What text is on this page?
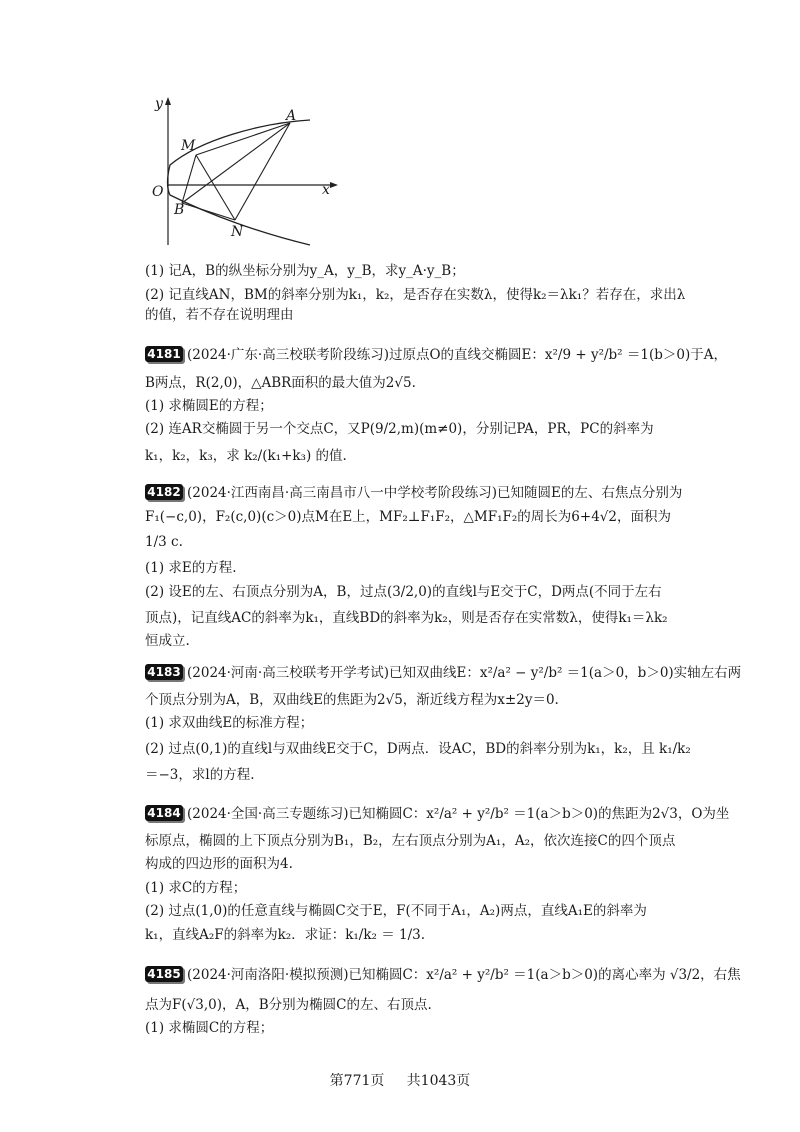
y
x
O
A
M
B
N
(1) 记A，B的纵坐标分别为y_A，y_B，求y_A·y_B；
(2) 记直线AN，BM的斜率分别为k₁，k₂，是否存在实数λ，使得k₂＝λk₁？若存在，求出λ
的值，若不存在说明理由
4181 (2024·广东·高三校联考阶段练习)过原点O的直线交椭圆E：x²/9 + y²/b² ＝1(b＞0)于A，
B两点，R(2,0)，△ABR面积的最大值为2√5.
(1) 求椭圆E的方程；
(2) 连AR交椭圆于另一个交点C，又P(9/2,m)(m≠0)，分别记PA，PR，PC的斜率为
k₁，k₂，k₃，求 k₂/(k₁+k₃) 的值.
4182 (2024·江西南昌·高三南昌市八一中学校考阶段练习)已知随圆E的左、右焦点分别为
F₁(−c,0)，F₂(c,0)(c＞0)点M在E上，MF₂⊥F₁F₂，△MF₁F₂的周长为6+4√2，面积为
1/3 c.
(1) 求E的方程.
(2) 设E的左、右顶点分别为A，B，过点(3/2,0)的直线l与E交于C，D两点(不同于左右
顶点)，记直线AC的斜率为k₁，直线BD的斜率为k₂，则是否存在实常数λ，使得k₁＝λk₂
恒成立.
4183 (2024·河南·高三校联考开学考试)已知双曲线E：x²/a² − y²/b² ＝1(a＞0，b＞0)实轴左右两
个顶点分别为A，B，双曲线E的焦距为2√5，渐近线方程为x±2y＝0.
(1) 求双曲线E的标准方程；
(2) 过点(0,1)的直线l与双曲线E交于C，D两点．设AC，BD的斜率分别为k₁，k₂，且 k₁/k₂
＝−3，求l的方程.
4184 (2024·全国·高三专题练习)已知椭圆C：x²/a² + y²/b² ＝1(a＞b＞0)的焦距为2√3，O为坐
标原点，椭圆的上下顶点分别为B₁，B₂，左右顶点分别为A₁，A₂，依次连接C的四个顶点
构成的四边形的面积为4.
(1) 求C的方程；
(2) 过点(1,0)的任意直线与椭圆C交于E，F(不同于A₁，A₂)两点，直线A₁E的斜率为
k₁，直线A₂F的斜率为k₂．求证：k₁/k₂ ＝ 1/3.
4185 (2024·河南洛阳·模拟预测)已知椭圆C：x²/a² + y²/b² ＝1(a＞b＞0)的离心率为 √3/2，右焦
点为F(√3,0)，A，B分别为椭圆C的左、右顶点.
(1) 求椭圆C的方程；
第771页 共1043页
